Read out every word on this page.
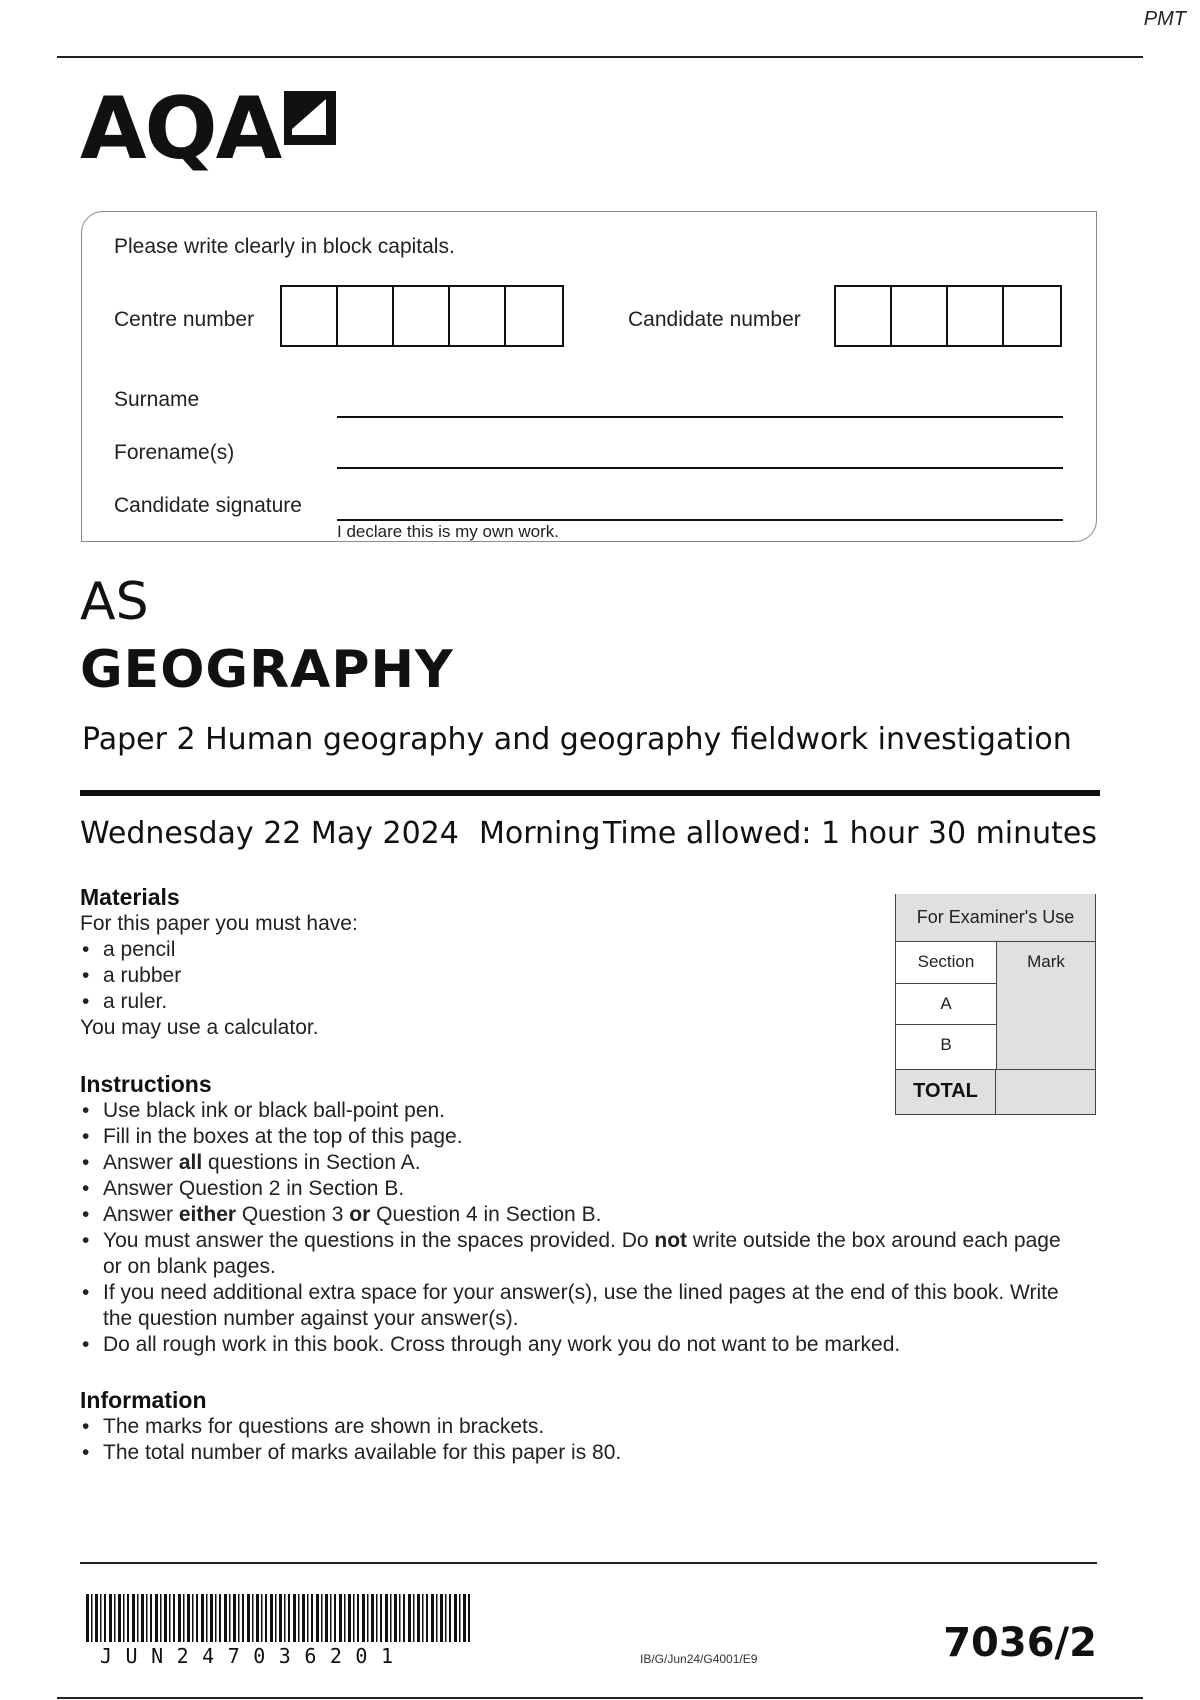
PMT
AQA
Please write clearly in block capitals.
Centre number	Candidate number
Surname
Forename(s)
Candidate signature
I declare this is my own work.
AS
GEOGRAPHY
Paper 2 Human geography and geography fieldwork investigation
Wednesday 22 May 2024 Morning Time allowed: 1 hour 30 minutes
Materials
For this paper you must have:
• a pencil
• a rubber
• a ruler.
You may use a calculator.
Instructions
• Use black ink or black ball-point pen.
• Fill in the boxes at the top of this page.
• Answer all questions in Section A.
• Answer Question 2 in Section B.
• Answer either Question 3 or Question 4 in Section B.
• You must answer the questions in the spaces provided. Do not write outside the box around each page or on blank pages.
• If you need additional extra space for your answer(s), use the lined pages at the end of this book. Write the question number against your answer(s).
• Do all rough work in this book. Cross through any work you do not want to be marked.
Information
• The marks for questions are shown in brackets.
• The total number of marks available for this paper is 80.
For Examiner's Use
Section	Mark
A
B
TOTAL
JUN247036201	IB/G/Jun24/G4001/E9	7036/2
